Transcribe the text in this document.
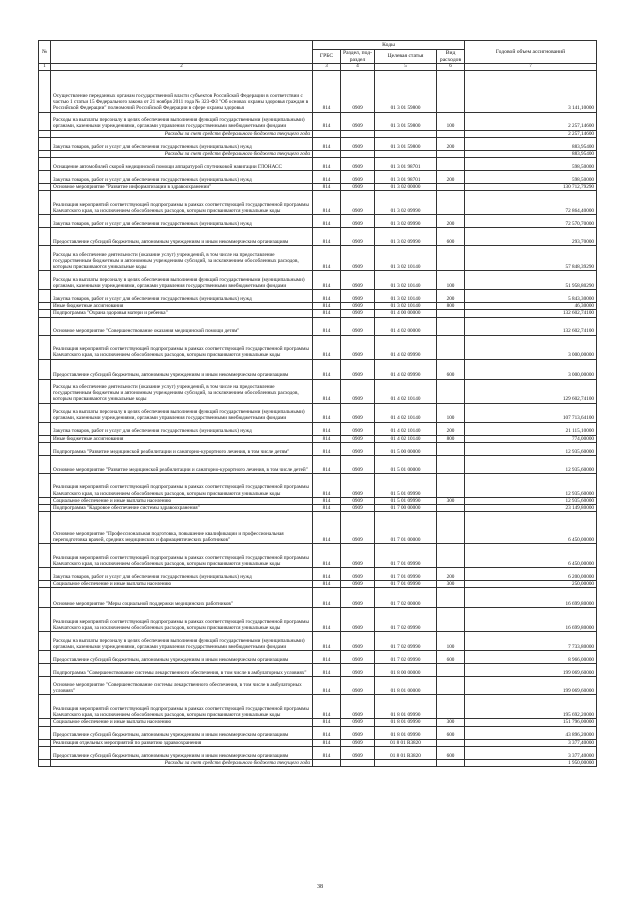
№		Коды				Годовой объем ассигнований
		ГРБС	Раздел, под-раздел	Целевая статья	Вид расходов	
1	2	3	4	5	6	7
	Осуществление переданных органам государственной власти субъектов Российской Федерации в соответствии с частью 1 статьи 15 Федерального закона от 21 ноября 2011 года № 323-ФЗ "Об основах охраны здоровья граждан в Российской Федерации" полномочий Российской Федерации в сфере охраны здоровья	814	0909	01 3 01 59800		3 141,10000
	Расходы на выплаты персоналу в целях обеспечения выполнения функций государственными (муниципальными) органами, казенными учреждениями, органами управления государственными внебюджетными фондами	814	0909	01 3 01 59800	100	2 257,14600
	Расходы за счет средств федерального бюджета текущего года					2 257,14600
	Закупка товаров, работ и услуг для обеспечения государственных (муниципальных) нужд	814	0909	01 3 01 59800	200	883,95400
	Расходы за счет средств федерального бюджета текущего года					883,95400
	Оснащение автомобилей скорой медицинской помощи аппаратурой спутниковой навигации ГЛОНАСС	814	0909	01 3 01 98701		598,50000
	Закупка товаров, работ и услуг для обеспечения государственных (муниципальных) нужд	814	0909	01 3 01 98701	200	598,50000
	Основное мероприятие "Развитие информатизации в здравоохранении"	814	0909	01 3 02 00000		130 712,79290
	Реализация мероприятий соответствующей подпрограммы в рамках соответствующей государственной программы Камчатского края, за исключением обособленных расходов, которым присваиваются уникальные коды	814	0909	01 3 02 09990		72 864,40000
	Закупка товаров, работ и услуг для обеспечения государственных (муниципальных) нужд	814	0909	01 3 02 09990	200	72 570,70000
	Предоставление субсидий бюджетным, автономным учреждениям и иным некоммерческим организациям	814	0909	01 3 02 09990	600	293,70000
	Расходы на обеспечение деятельности (оказание услуг) учреждений, в том числе на предоставление государственным бюджетным и автономным учреждениям субсидий, за исключением обособленных расходов, которым присваиваются уникальные коды	814	0909	01 3 02 10140		57 848,39290
	Расходы на выплаты персоналу в целях обеспечения выполнения функций государственными (муниципальными) органами, казенными учреждениями, органами управления государственными внебюджетными фондами	814	0909	01 3 02 10140	100	51 958,80290
	Закупка товаров, работ и услуг для обеспечения государственных (муниципальных) нужд	814	0909	01 3 02 10140	200	5 843,30000
	Иные бюджетные ассигнования	814	0909	01 3 02 10140	800	46,30000
	Подпрограмма "Охрана здоровья матери и ребенка"	814	0909	01 4 00 00000		132 602,74100
	Основное мероприятие "Совершенствование оказания медицинской помощи детям"	814	0909	01 4 02 00000		132 602,74100
	Реализация мероприятий соответствующей подпрограммы в рамках соответствующей государственной программы Камчатского края, за исключением обособленных расходов, которым присваиваются уникальные коды	814	0909	01 4 02 09990		3 000,00000
	Предоставление субсидий бюджетным, автономным учреждениям и иным некоммерческим организациям	814	0909	01 4 02 09990	600	3 000,00000
	Расходы на обеспечение деятельности (оказание услуг) учреждений, в том числе на предоставление государственным бюджетным и автономным учреждениям субсидий, за исключением обособленных расходов, которым присваиваются уникальные коды	814	0909	01 4 02 10140		129 602,74100
	Расходы на выплаты персоналу в целях обеспечения выполнения функций государственными (муниципальными) органами, казенными учреждениями, органами управления государственными внебюджетными фондами	814	0909	01 4 02 10140	100	107 713,64100
	Закупка товаров, работ и услуг для обеспечения государственных (муниципальных) нужд	814	0909	01 4 02 10140	200	21 115,10000
	Иные бюджетные ассигнования	814	0909	01 4 02 10140	800	774,00000
	Подпрограмма "Развитие медицинской реабилитации и санаторно-курортного лечения, в том числе детям"	814	0909	01 5 00 00000		12 935,60000
	Основное мероприятие "Развитие медицинской реабилитации и санаторно-курортного лечения, в том числе детей"	814	0909	01 5 01 00000		12 935,60000
	Реализация мероприятий соответствующей подпрограммы в рамках соответствующей государственной программы Камчатского края, за исключением обособленных расходов, которым присваиваются уникальные коды	814	0909	01 5 01 09990		12 935,60000
	Социальное обеспечение и иные выплаты населению	814	0909	01 5 01 09990	300	12 935,60000
	Подпрограмма "Кадровое обеспечение системы здравоохранения"	814	0909	01 7 00 00000		23 149,80000
	Основное мероприятие "Профессиональная подготовка, повышение квалификации и профессиональная переподготовка врачей, средних медицинских и фармацевтических работников"	814	0909	01 7 01 00000		6 450,00000
	Реализация мероприятий соответствующей подпрограммы в рамках соответствующей государственной программы Камчатского края, за исключением обособленных расходов, которым присваиваются уникальные коды	814	0909	01 7 01 09990		6 450,00000
	Закупка товаров, работ и услуг для обеспечения государственных (муниципальных) нужд	814	0909	01 7 01 09990	200	6 200,00000
	Социальное обеспечение и иные выплаты населению	814	0909	01 7 01 09990	300	250,00000
	Основное мероприятие "Меры социальной поддержки медицинских работников"	814	0909	01 7 02 00000		16 699,80000
	Реализация мероприятий соответствующей подпрограммы в рамках соответствующей государственной программы Камчатского края, за исключением обособленных расходов, которым присваиваются уникальные коды	814	0909	01 7 02 09990		16 699,80000
	Расходы на выплаты персоналу в целях обеспечения выполнения функций государственными (муниципальными) органами, казенными учреждениями, органами управления государственными внебюджетными фондами	814	0909	01 7 02 09990	100	7 733,80000
	Предоставление субсидий бюджетным, автономным учреждениям и иным некоммерческим организациям	814	0909	01 7 02 09990	600	8 966,00000
	Подпрограмма "Совершенствование системы лекарственного обеспечения, в том числе в амбулаторных условиях"	814	0909	01 8 00 00000		199 069,60000
	Основное мероприятие "Совершенствование системы лекарственного обеспечения, в том числе в амбулаторных условиях"	814	0909	01 8 01 00000		199 069,60000
	Реализация мероприятий соответствующей подпрограммы в рамках соответствующей государственной программы Камчатского края, за исключением обособленных расходов, которым присваиваются уникальные коды	814	0909	01 8 01 09990		195 692,20000
	Социальное обеспечение и иные выплаты населению	814	0909	01 8 01 09990	300	151 796,00000
	Предоставление субсидий бюджетным, автономным учреждениям и иным некоммерческим организациям	814	0909	01 8 01 09990	600	43 896,20000
	Реализация отдельных мероприятий по развитию здравоохранения	814	0909	01 8 01 R3820		3 377,40000
	Предоставление субсидий бюджетным, автономным учреждениям и иным некоммерческим организациям	814	0909	01 8 01 R3820	600	3 377,40000
	Расходы за счет средств федерального бюджета текущего года					1 950,00000
38
